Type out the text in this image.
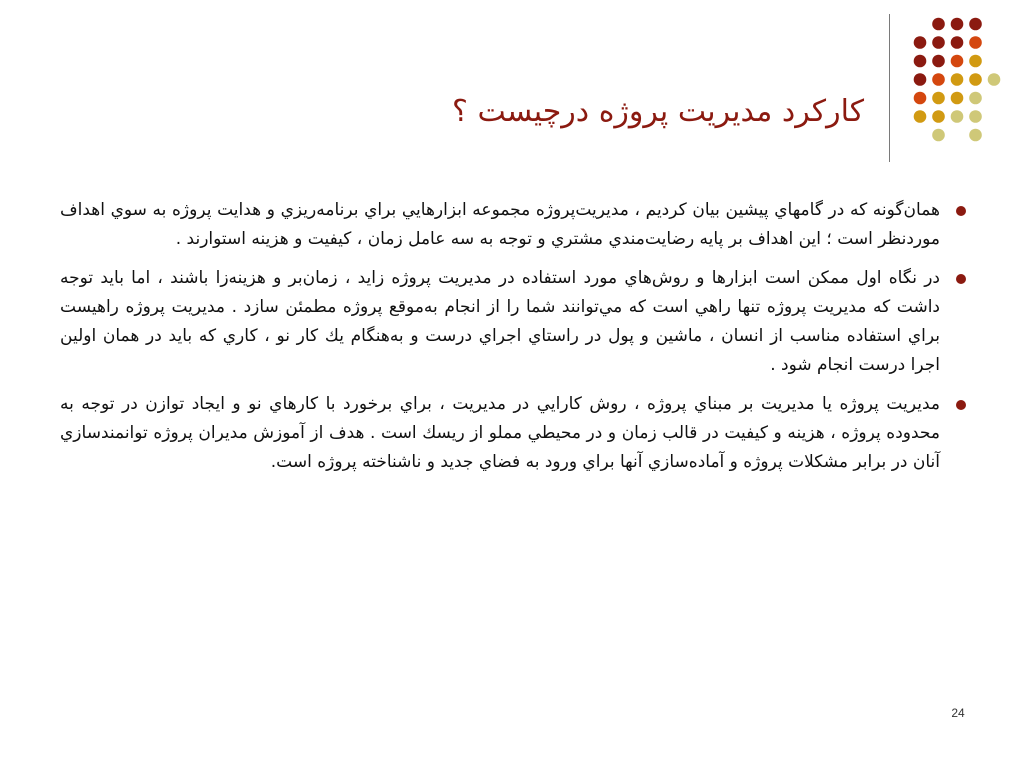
کارکرد مديريت پروژه درچيست ؟
همان‌گونه که در گامهاي پيشين بيان کرديم ، مديريت‌پروژه مجموعه ابزارهايي براي برنامه‌ريزي و هدايت پروژه به سوي اهداف موردنظر است ؛ اين اهداف بر پايه رضايت‌مندي مشتري و توجه به سه عامل زمان ، کيفيت و هزينه استوارند .
در نگاه اول ممکن است ابزارها و روش‌هاي مورد استفاده در مديريت پروژه زايد ، زمان‌بر و هزينه‌زا باشند ، اما بايد توجه داشت که مديريت پروژه تنها راهي است که مي‌توانند شما را از انجام به‌موقع پروژه مطمئن سازد . مديريت پروژه راهيست براي استفاده مناسب از انسان ، ماشين و پول در راستاي اجراي درست و به‌هنگام يك كار نو ، كاري كه بايد در همان اولين اجرا درست انجام شود .
مديريت پروژه يا مديريت بر مبناي پروژه ، روش كارايي در مديريت ، براي برخورد با كارهاي نو و ايجاد توازن در توجه به محدوده پروژه ، هزينه و كيفيت در قالب زمان و در محيطي مملو از ريسك است . هدف از آموزش مديران پروژه توانمندسازي آنان در برابر مشكلات پروژه و آماده‌سازي آنها براي ورود به فضاي جديد و ناشناخته پروژه است.
24
